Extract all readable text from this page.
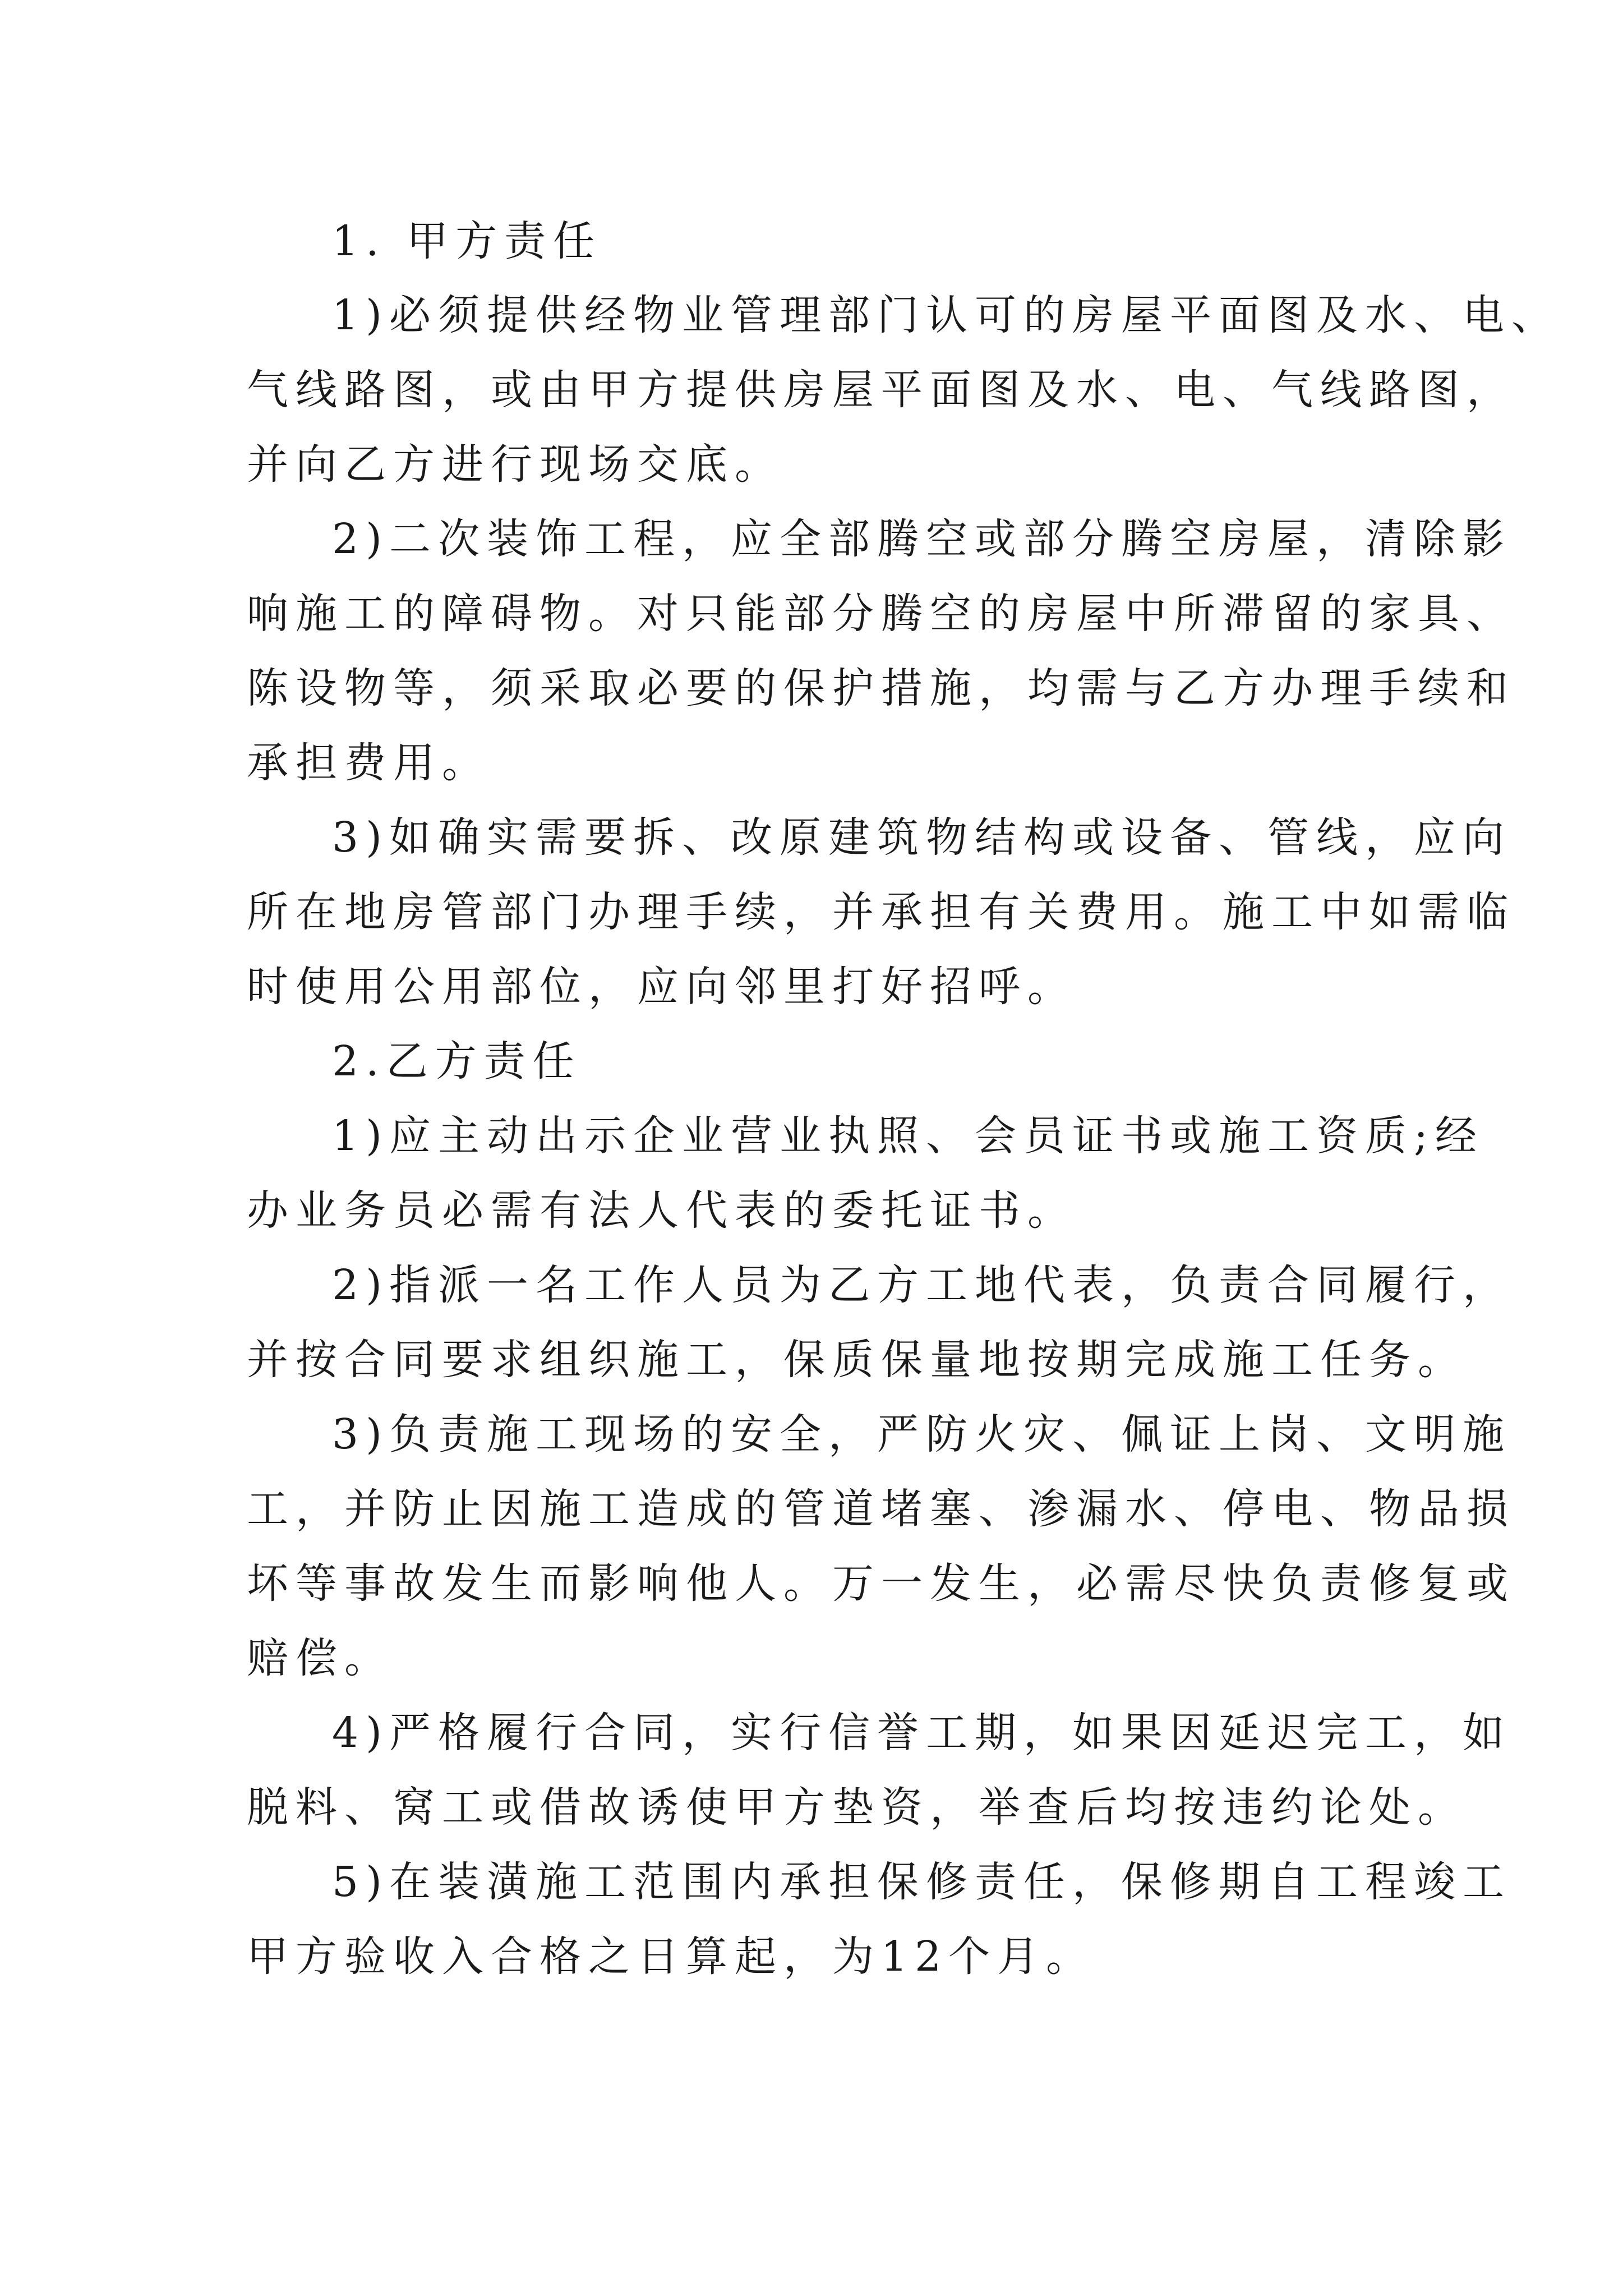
1. 甲方责任
1)必须提供经物业管理部门认可的房屋平面图及水、电、
气线路图，或由甲方提供房屋平面图及水、电、气线路图，
并向乙方进行现场交底。
2)二次装饰工程，应全部腾空或部分腾空房屋，清除影
响施工的障碍物。对只能部分腾空的房屋中所滞留的家具、
陈设物等，须采取必要的保护措施，均需与乙方办理手续和
承担费用。
3)如确实需要拆、改原建筑物结构或设备、管线，应向
所在地房管部门办理手续，并承担有关费用。施工中如需临
时使用公用部位，应向邻里打好招呼。
2.乙方责任
1)应主动出示企业营业执照、会员证书或施工资质;经
办业务员必需有法人代表的委托证书。
2)指派一名工作人员为乙方工地代表，负责合同履行，
并按合同要求组织施工，保质保量地按期完成施工任务。
3)负责施工现场的安全，严防火灾、佩证上岗、文明施
工，并防止因施工造成的管道堵塞、渗漏水、停电、物品损
坏等事故发生而影响他人。万一发生，必需尽快负责修复或
赔偿。
4)严格履行合同，实行信誉工期，如果因延迟完工，如
脱料、窝工或借故诱使甲方垫资，举查后均按违约论处。
5)在装潢施工范围内承担保修责任，保修期自工程竣工
甲方验收入合格之日算起，为12个月。
